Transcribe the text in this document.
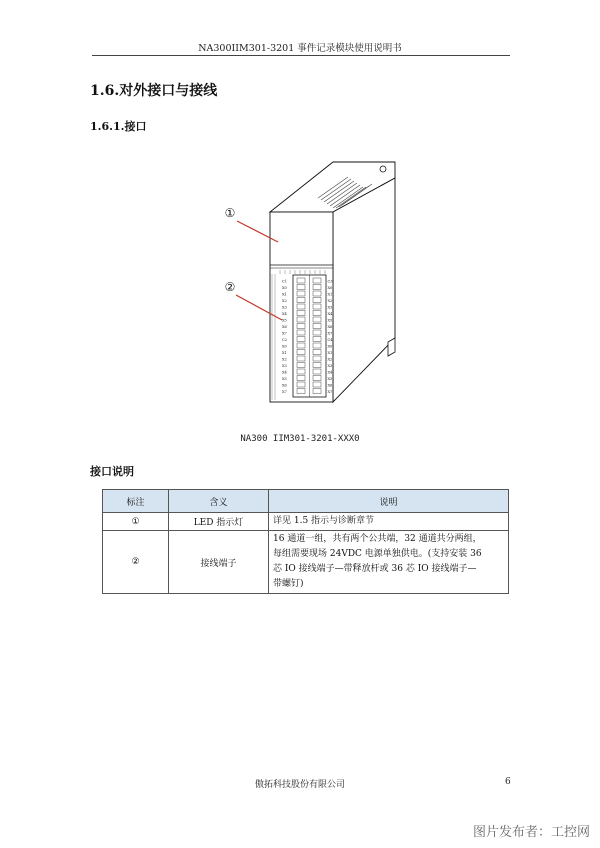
NA300IIM301-3201 事件记录模块使用说明书
1.6.对外接口与接线
1.6.1.接口
C1	C3
X0	X0
X1	X1
X2	X2
X3	X3
X4	X4
X5	X5
X6	X6
X7	X7
C2	C4
X0	X0
X1	X1
X2	X2
X3	X3
X4	X4
X5	X5
X6	X6
X7	X7
①
②
NA300 IIM301-3201-XXX0
接口说明
标注	含义	说明
①	LED 指示灯	详见 1.5 指示与诊断章节

②	接线端子	16 通道一组，共有两个公共端，32 通道共分两组，
每组需要现场 24VDC 电源单独供电。(支持安装 36
芯 IO 接线端子—带释放杆或 36 芯 IO 接线端子—
带螺钉)
傲拓科技股份有限公司	6
图片发布者：工控网
